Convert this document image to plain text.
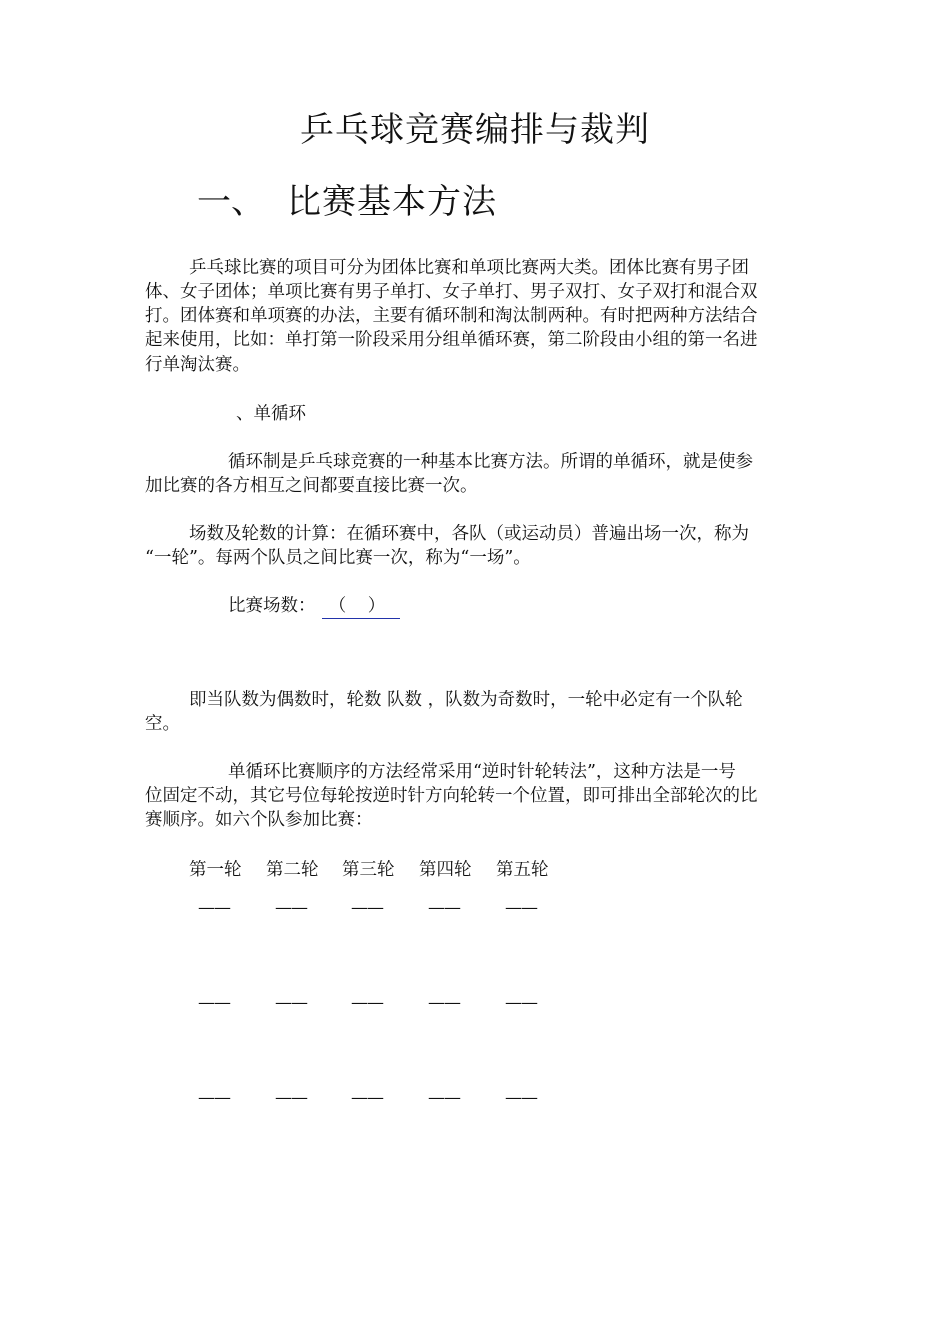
乒乓球竞赛编排与裁判
一、 比赛基本方法
乒乓球比赛的项目可分为团体比赛和单项比赛两大类。团体比赛有男子团
体、女子团体；单项比赛有男子单打、女子单打、男子双打、女子双打和混合双
打。团体赛和单项赛的办法，主要有循环制和淘汰制两种。有时把两种方法结合
起来使用，比如：单打第一阶段采用分组单循环赛，第二阶段由小组的第一名进
行单淘汰赛。
、单循环
循环制是乒乓球竞赛的一种基本比赛方法。所谓的单循环，就是使参
加比赛的各方相互之间都要直接比赛一次。
场数及轮数的计算：在循环赛中，各队（或运动员）普遍出场一次，称为
“一轮”。每两个队员之间比赛一次，称为“一场”。
比赛场数： （ ）
即当队数为偶数时，轮数 队数 ，队数为奇数时，一轮中必定有一个队轮
空。
单循环比赛顺序的方法经常采用“逆时针轮转法”，这种方法是一号
位固定不动，其它号位每轮按逆时针方向轮转一个位置，即可排出全部轮次的比
赛顺序。如六个队参加比赛：
第一轮 第二轮 第三轮 第四轮 第五轮
——	——	——	——	——
——	——	——	——	——
——	——	——	——	——
